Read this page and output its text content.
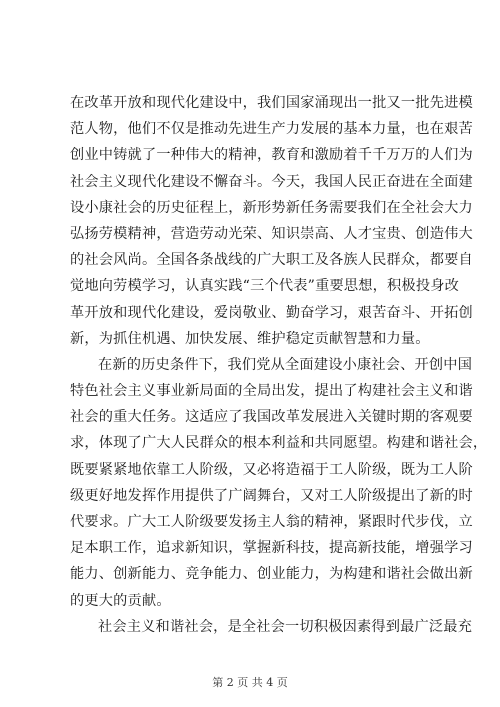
在改革开放和现代化建设中，我们国家涌现出一批又一批先进模
范人物，他们不仅是推动先进生产力发展的基本力量，也在艰苦
创业中铸就了一种伟大的精神，教育和激励着千千万万的人们为
社会主义现代化建设不懈奋斗。今天，我国人民正奋进在全面建
设小康社会的历史征程上，新形势新任务需要我们在全社会大力
弘扬劳模精神，营造劳动光荣、知识崇高、人才宝贵、创造伟大
的社会风尚。全国各条战线的广大职工及各族人民群众，都要自
觉地向劳模学习，认真实践“三个代表”重要思想，积极投身改
革开放和现代化建设，爱岗敬业、勤奋学习，艰苦奋斗、开拓创
新，为抓住机遇、加快发展、维护稳定贡献智慧和力量。
在新的历史条件下，我们党从全面建设小康社会、开创中国
特色社会主义事业新局面的全局出发，提出了构建社会主义和谐
社会的重大任务。这适应了我国改革发展进入关键时期的客观要
求，体现了广大人民群众的根本利益和共同愿望。构建和谐社会，
既要紧紧地依靠工人阶级，又必将造福于工人阶级，既为工人阶
级更好地发挥作用提供了广阔舞台，又对工人阶级提出了新的时
代要求。广大工人阶级要发扬主人翁的精神，紧跟时代步伐，立
足本职工作，追求新知识，掌握新科技，提高新技能，增强学习
能力、创新能力、竞争能力、创业能力，为构建和谐社会做出新
的更大的贡献。
社会主义和谐社会，是全社会一切积极因素得到最广泛最充
第 2 页 共 4 页
